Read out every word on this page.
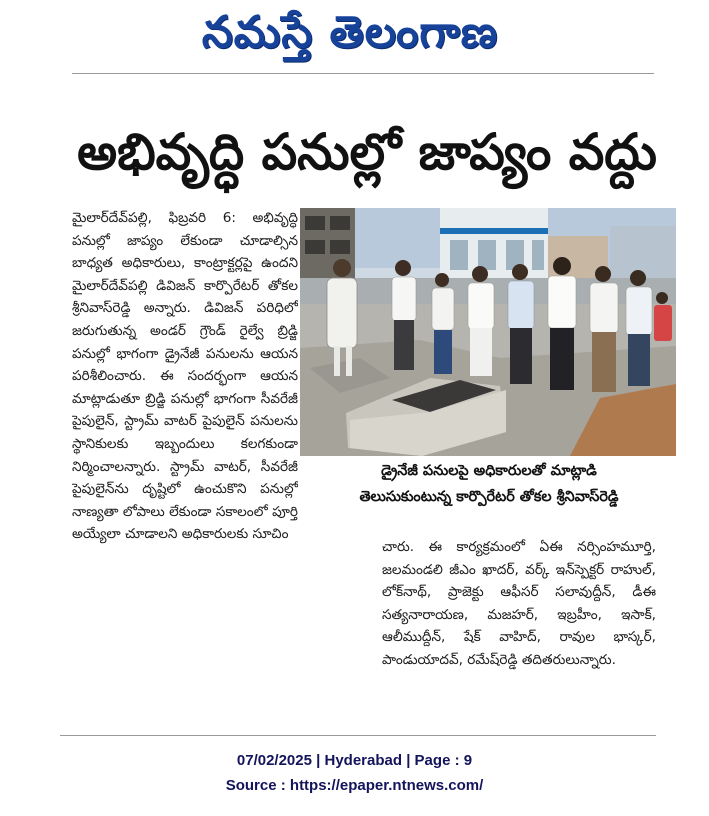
నమస్తే తెలంగాణ
అభివృద్ధి పనుల్లో జాప్యం వద్దు
మైలార్‌దేవ్‌పల్లి, ఫిబ్రవరి 6: అభివృద్ధి పనుల్లో జాప్యం లేకుండా చూడాల్సిన బాధ్యత అధికారులు, కాంట్రాక్టర్లపై ఉందని మైలార్‌దేవ్‌పల్లి డివిజన్ కార్పొరేటర్ తోకల శ్రీనివాస్‌రెడ్డి అన్నారు. డివిజన్ పరిధిలో జరుగుతున్న అండర్ గ్రౌండ్ రైల్వే బ్రిడ్జి పనుల్లో భాగంగా డ్రైనేజీ పనులను ఆయన పరిశీలించారు. ఈ సందర్భంగా ఆయన మాట్లాడుతూ బ్రిడ్జి పనుల్లో భాగంగా సీవరేజీ పైపులైన్, స్ట్రామ్ వాటర్ పైపులైన్ పనులను స్థానికులకు ఇబ్బందులు కలగకుండా నిర్మించాలన్నారు. స్ట్రామ్ వాటర్, సీవరేజీ పైపులైన్‌ను దృష్టిలో ఉంచుకొని పనుల్లో నాణ్యతా లోపాలు లేకుండా సకాలంలో పూర్తి అయ్యేలా చూడాలని అధికారులకు సూచిం
డ్రైనేజీ పనులపై అధికారులతో మాట్లాడి
తెలుసుకుంటున్న కార్పొరేటర్ తోకల శ్రీనివాస్‌రెడ్డి
చారు. ఈ కార్యక్రమంలో ఏఈ నర్సింహమూర్తి, జలమండలి జీఎం ఖాదర్, వర్క్ ఇన్‌స్పెక్టర్ రాహుల్, లోక్‌నాథ్, ప్రాజెక్టు ఆఫీసర్ సలావుద్దీన్, డీఈ సత్యనారాయణ, మజహర్, ఇబ్రహీం, ఇసాక్, ఆలీముద్దీన్, షేక్ వాహిద్, రావుల భాస్కర్, పాండుయాదవ్, రమేష్‌రెడ్డి తదితరులున్నారు.
07/02/2025 | Hyderabad | Page : 9
Source : https://epaper.ntnews.com/
